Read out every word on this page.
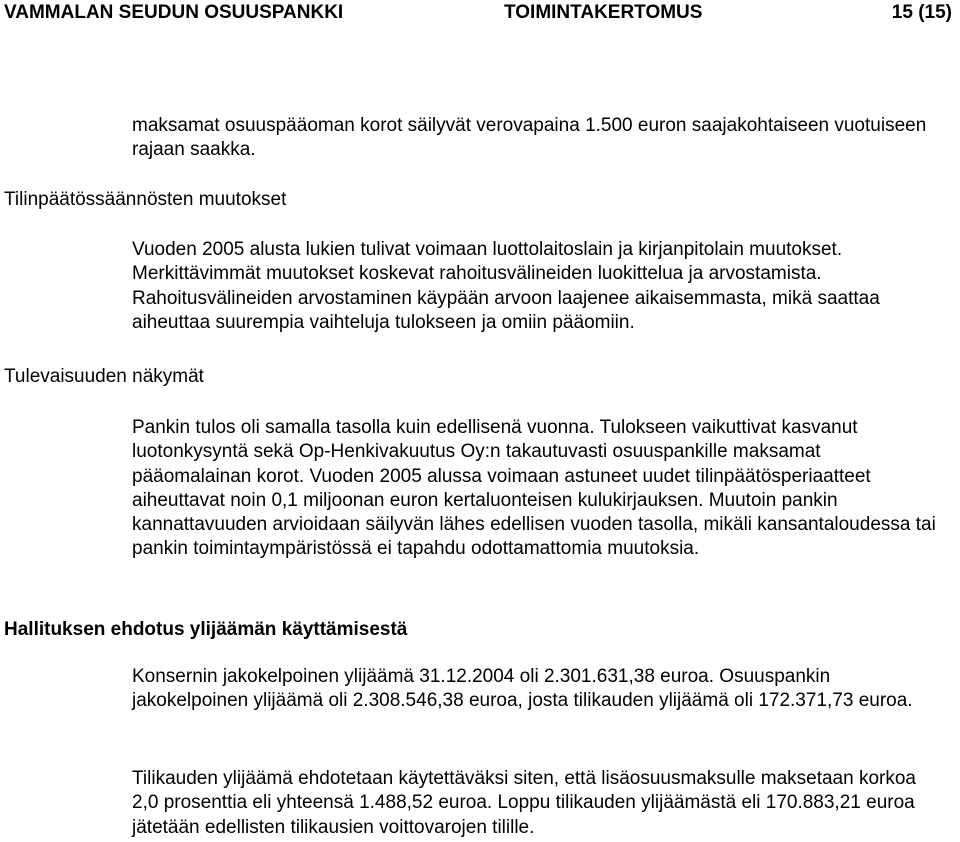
VAMMALAN SEUDUN OSUUSPANKKI	TOIMINTAKERTOMUS	15 (15)

maksamat osuuspääoman korot säilyvät verovapaina 1.500 euron saajakohtaiseen vuotuiseen rajaan saakka.

Tilinpäätössäännösten muutokset

Vuoden 2005 alusta lukien tulivat voimaan luottolaitoslain ja kirjanpitolain muutokset. Merkittävimmät muutokset koskevat rahoitusvälineiden luokittelua ja arvostamista. Rahoitusvälineiden arvostaminen käypään arvoon laajenee aikaisemmasta, mikä saattaa aiheuttaa suurempia vaihteluja tulokseen ja omiin pääomiin.

Tulevaisuuden näkymät

Pankin tulos oli samalla tasolla kuin edellisenä vuonna. Tulokseen vaikuttivat kasvanut luotonkysyntä sekä Op-Henkivakuutus Oy:n takautuvasti osuuspankille maksamat pääomalainan korot. Vuoden 2005 alussa voimaan astuneet uudet tilinpäätösperiaatteet aiheuttavat noin 0,1 miljoonan euron kertaluonteisen kulukirjauksen. Muutoin pankin kannattavuuden arvioidaan säilyvän lähes edellisen vuoden tasolla, mikäli kansantaloudessa tai pankin toimintaympäristössä ei tapahdu odottamattomia muutoksia.

Hallituksen ehdotus ylijäämän käyttämisestä

Konsernin jakokelpoinen ylijäämä 31.12.2004 oli 2.301.631,38 euroa. Osuuspankin jakokelpoinen ylijäämä oli 2.308.546,38 euroa, josta tilikauden ylijäämä oli 172.371,73 euroa.

Tilikauden ylijäämä ehdotetaan käytettäväksi siten, että lisäosuusmaksulle maksetaan korkoa 2,0 prosenttia eli yhteensä 1.488,52 euroa. Loppu tilikauden ylijäämästä eli 170.883,21 euroa jätetään edellisten tilikausien voittovarojen tilille.
